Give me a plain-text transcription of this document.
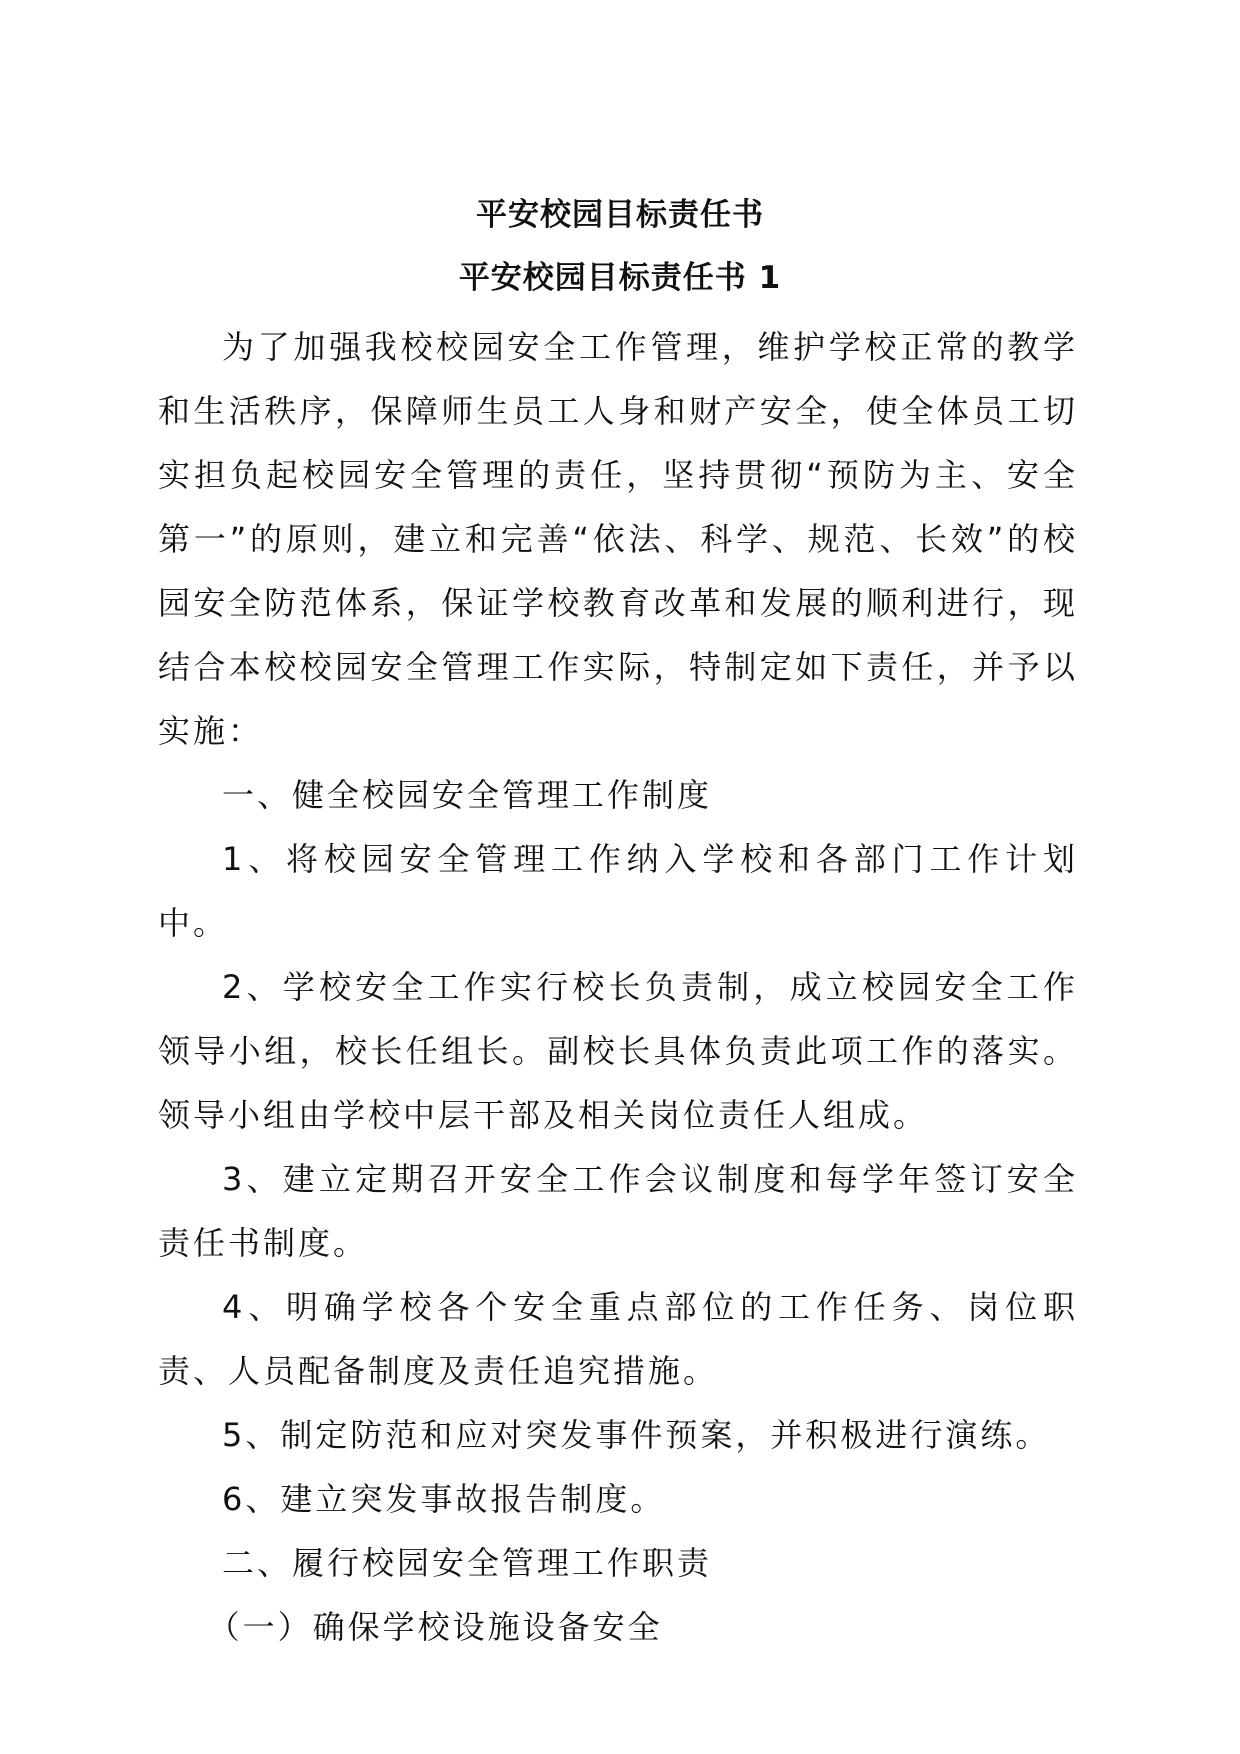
平安校园目标责任书
平安校园目标责任书 1

为了加强我校校园安全工作管理，维护学校正常的教学和生活秩序，保障师生员工人身和财产安全，使全体员工切实担负起校园安全管理的责任，坚持贯彻“预防为主、安全第一”的原则，建立和完善“依法、科学、规范、长效”的校园安全防范体系，保证学校教育改革和发展的顺利进行，现结合本校校园安全管理工作实际，特制定如下责任，并予以实施：

一、健全校园安全管理工作制度

1、将校园安全管理工作纳入学校和各部门工作计划中。

2、学校安全工作实行校长负责制，成立校园安全工作领导小组，校长任组长。副校长具体负责此项工作的落实。领导小组由学校中层干部及相关岗位责任人组成。

3、建立定期召开安全工作会议制度和每学年签订安全责任书制度。

4、明确学校各个安全重点部位的工作任务、岗位职责、人员配备制度及责任追究措施。

5、制定防范和应对突发事件预案，并积极进行演练。

6、建立突发事故报告制度。

二、履行校园安全管理工作职责

（一）确保学校设施设备安全
